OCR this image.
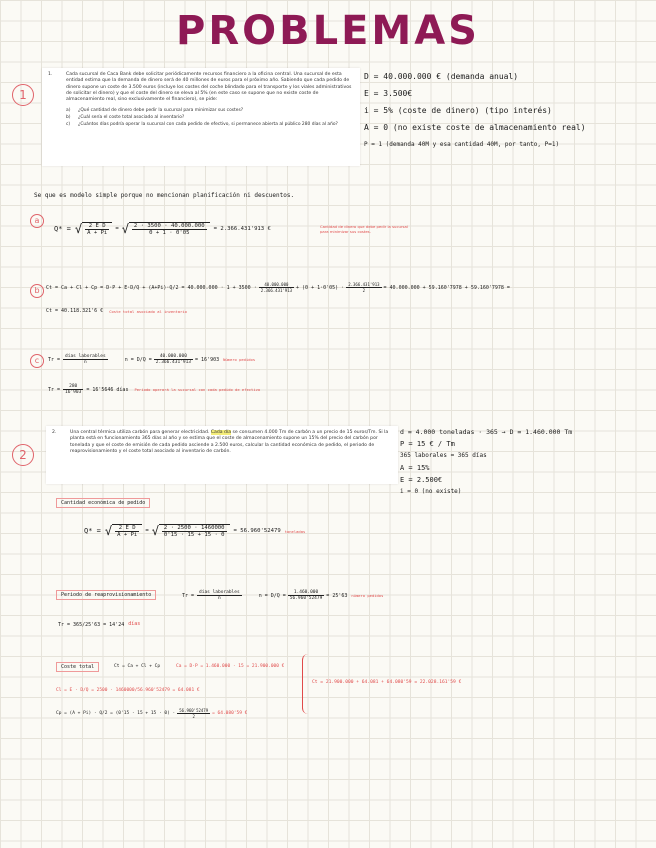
PROBLEMAS
1
1.	Cada sucursal de Caca Bank debe solicitar periódicamente recursos financiero a la oficina central. Una sucursal de esta entidad estima que la demanda de dinero será de 40 millones de euros para el próximo año. Sabiendo que cada pedido de dinero supone un coste de 3.500 euros (incluye los costes del coche blindado para el transporte y los viales administrativos de solicitar el dinero) y que el coste del dinero se eleva al 5% (en este caso se supone que no existe coste de almacenamiento real, sino exclusivamente el financiero), se pide:

a)	¿Qué cantidad de dinero debe pedir la sucursal para minimizar sus costes?
b)	¿Cuál sería el coste total asociado al inventario?
c)	¿Cuántos días podría operar la sucursal con cada pedido de efectivo, si permanece abierta al público 280 días al año?
D = 40.000.000 € (demanda anual)
E = 3.500€
i = 5% (coste de dinero) (tipo interés)
A = 0 (no existe coste de almacenamiento real)
P = 1 (demanda 40M y esa cantidad 40M, por tanto, P=1)
Se que es modelo simple porque no mencionan planificación ni descuentos.
a
Q* = √ $\frac{\text{2 E D}}{A + Pi}$ = √ $\frac{2 \cdot 3500 \cdot 40.000.000}{0 + 1 \cdot 0'05} = 2.366.431'913$ €	Cantidad de dinero que debe pedir la sucursal
para minimizar sus costes.
b	$Ct = Ca + Cl + Cp = D\cdot P + E\cdot D/Q + (A+Pi)\cdot Q/2 = 40.000.000 \cdot 1 + 3500 \cdot \frac{40.000.000}{2.366.431'913} + (0 + 1\cdot 0'05) \cdot \frac{2.366.431'913}{2} = 40.000.000 + 59.160'7978 + 59.160'7978$ =
Ct = 40.118.321'6 € Coste total asociado al inventario
c	$Tr = \frac{\text{días laborables}}{n}$	$n = D/Q = \frac{40.000.000}{2.366.431'913} = 16'903$ Número pedidos
$Tr = \frac{280}{16'903} = 16'5646$ días Período operará la sucursal con cada pedido de efectivo
2
2.	Una central térmica utiliza carbón para generar electricidad. Cada día se consumen 4.000 Tm de carbón a un precio de 15 euros/Tm. Si la planta está en funcionamiento 365 días al año y se estima que el coste de almacenamiento supone un 15% del precio del carbón por tonelada y que el coste de emisión de cada pedido asciende a 2.500 euros, calcular la cantidad económica de pedido, el periodo de reaprovisionamiento y el coste total asociado al inventario de carbón.

d = 4.000 toneladas · 365 → D = 1.460.000 Tm
P = 15 € / Tm
365 laborales = 365 días
A = 15%
E = 2.500€
i = 0 (no existe)
Cantidad económica de pedido
Q* = √ $\frac{\text{2 E D}}{A + Pi}$ = √ $\frac{2 \cdot 2500 \cdot 1460000}{0'15 \cdot 15 + 15 \cdot 0} = 56.960'52479$ toneladas
Periodo de reaprovisionamiento	$Tr = \frac{\text{días laborables}}{n}$	$n = D/Q = \frac{1.460.000}{56.960'52479} = 25'63$ número pedidos
Tr = 365/25'63 = 14'24 días
Coste total	Ct = Ca + Cl + Cp	Ca = D·P = 1.460.000 · 15 = 21.900.000 €
Cl = E · D/Q = 2500 · 1460000/56.960'52479 = 64.081 €
$Cp = (A + Pi) \cdot Q/2 = (0'15 \cdot 15 + 15 \cdot 0) \cdot \frac{56.960'52479}{2} = 64.080'59$ €
Ct = 21.900.000 + 64.081 + 64.080'59 = 22.028.161'59 €
